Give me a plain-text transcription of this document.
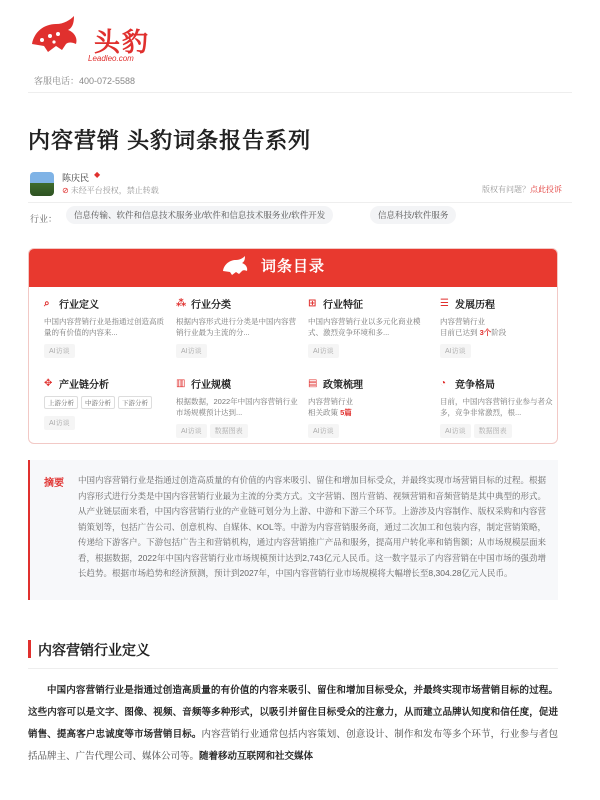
头豹
Leadleo.com
客服电话：400-072-5588
内容营销 头豹词条报告系列
陈庆民 ◆
⊘ 未经平台授权，禁止转载	版权有问题？点此投诉
行业：	信息传输、软件和信息技术服务业/软件和信息技术服务业/软件开发	信息科技/软件服务
词条目录
⌕ 行业定义
中国内容营销行业是指通过创造高质量的有价值的内容来...
AI访谈
⁂ 行业分类
根据内容形式进行分类是中国内容营销行业最为主流的分...
AI访谈
⊞ 行业特征
中国内容营销行业以多元化商业模式、激烈竞争环境和多...
AI访谈
☰ 发展历程
内容营销行业
目前已达到 3个阶段
AI访谈
✥ 产业链分析
上游分析 中游分析 下游分析
AI访谈
▥ 行业规模
根据数据，2022年中国内容营销行业市场规模预计达到...
AI访谈 数据图表
▤ 政策梳理
内容营销行业
相关政策 5篇
AI访谈
◔ 竞争格局
目前，中国内容营销行业参与者众多，竞争非常激烈，根...
AI访谈 数据图表
摘要 中国内容营销行业是指通过创造高质量的有价值的内容来吸引、留住和增加目标受众，并最终实现市场营销目标的过程。根据内容形式进行分类是中国内容营销行业最为主流的分类方式。文字营销、图片营销、视频营销和音频营销是其中典型的形式。从产业链层面来看，中国内容营销行业的产业链可划分为上游、中游和下游三个环节。上游涉及内容制作、版权采购和内容营销策划等，包括广告公司、创意机构、自媒体、KOL等。中游为内容营销服务商，通过二次加工和包装内容，制定营销策略，传递给下游客户。下游包括广告主和营销机构，通过内容营销推广产品和服务，提高用户转化率和销售额；从市场规模层面来看，根据数据，2022年中国内容营销行业市场规模预计达到2,743亿元人民币。这一数字显示了内容营销在中国市场的强劲增长趋势。根据市场趋势和经济预测，预计到2027年，中国内容营销行业市场规模将大幅增长至8,304.28亿元人民币。
内容营销行业定义
中国内容营销行业是指通过创造高质量的有价值的内容来吸引、留住和增加目标受众，并最终实现市场营销目标的过程。这些内容可以是文字、图像、视频、音频等多种形式，以吸引并留住目标受众的注意力，从而建立品牌认知度和信任度，促进销售、提高客户忠诚度等市场营销目标。内容营销行业通常包括内容策划、创意设计、制作和发布等多个环节，行业参与者包括品牌主、广告代理公司、媒体公司等。随着移动互联网和社交媒体
